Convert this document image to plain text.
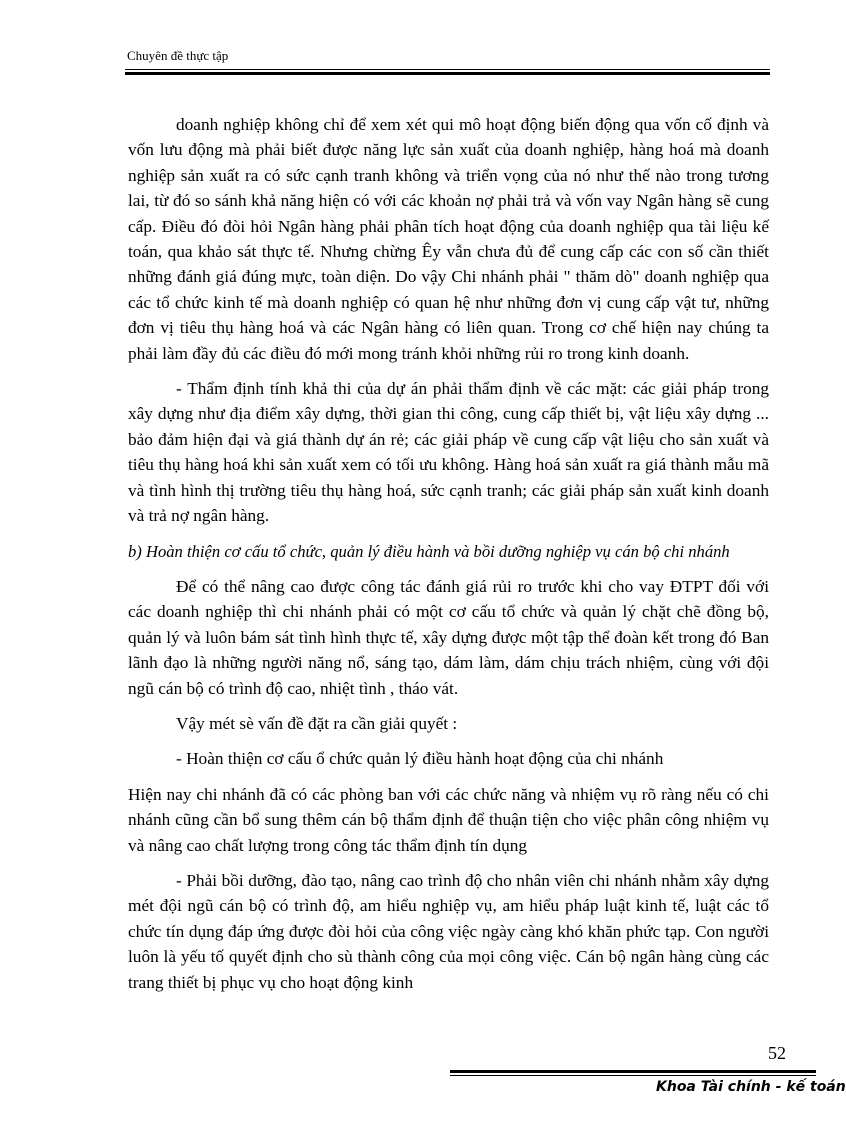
Chuyên đề thực tập

doanh nghiệp không chỉ để xem xét qui mô hoạt động biến động qua vốn cố định và vốn lưu động mà phải biết được năng lực sản xuất của doanh nghiệp, hàng hoá mà doanh nghiệp sản xuất ra có sức cạnh tranh không và triển vọng của nó như thế nào trong tương lai, từ đó so sánh khả năng hiện có với các khoản nợ phải trả và vốn vay Ngân hàng sẽ cung cấp. Điều đó đòi hỏi Ngân hàng phải phân tích hoạt động của doanh nghiệp qua tài liệu kế toán, qua khảo sát thực tế. Nhưng chừng Êy vẫn chưa đủ để cung cấp các con số cần thiết những đánh giá đúng mực, toàn diện. Do vậy Chi nhánh phải " thăm dò" doanh nghiệp qua các tổ chức kinh tế mà doanh nghiệp có quan hệ như những đơn vị cung cấp vật tư, những đơn vị tiêu thụ hàng hoá và các Ngân hàng có liên quan. Trong cơ chế hiện nay chúng ta phải làm đầy đủ các điều đó mới mong tránh khỏi những rủi ro trong kinh doanh.

- Thẩm định tính khả thi của dự án phải thẩm định về các mặt: các giải pháp trong xây dựng như địa điểm xây dựng, thời gian thi công, cung cấp thiết bị, vật liệu xây dựng ... bảo đảm hiện đại và giá thành dự án rẻ; các giải pháp về cung cấp vật liệu cho sản xuất và tiêu thụ hàng hoá khi sản xuất xem có tối ưu không. Hàng hoá sản xuất ra giá thành mẫu mã và tình hình thị trường tiêu thụ hàng hoá, sức cạnh tranh; các giải pháp sản xuất kinh doanh và trả nợ ngân hàng.

b) Hoàn thiện cơ cấu tổ chức, quản lý điều hành và bồi dưỡng nghiệp vụ cán bộ chi nhánh

Để có thể nâng cao được công tác đánh giá rủi ro trước khi cho vay ĐTPT đối với các doanh nghiệp thì chi nhánh phải có một cơ cấu tổ chức và quản lý chặt chẽ đồng bộ, quản lý và luôn bám sát tình hình thực tế, xây dựng được một tập thể đoàn kết trong đó Ban lãnh đạo là những người năng nổ, sáng tạo, dám làm, dám chịu trách nhiệm, cùng với đội ngũ cán bộ có trình độ cao, nhiệt tình , tháo vát.

Vậy mét sè vấn đề đặt ra cần giải quyết :

- Hoàn thiện cơ cấu ổ chức quản lý điều hành hoạt động của chi nhánh

Hiện nay chi nhánh đã có các phòng ban với các chức năng và nhiệm vụ rõ ràng nếu có chi nhánh cũng cần bổ sung thêm cán bộ thẩm định để thuận tiện cho việc phân công nhiệm vụ và nâng cao chất lượng trong công tác thẩm định tín dụng

- Phải bồi dưỡng, đào tạo, nâng cao trình độ cho nhân viên chi nhánh nhằm xây dựng mét đội ngũ cán bộ có trình độ, am hiểu nghiệp vụ, am hiểu pháp luật kinh tế, luật các tổ chức tín dụng đáp ứng được đòi hỏi của công việc ngày càng khó khăn phức tạp. Con người luôn là yếu tố quyết định cho sù thành công của mọi công việc. Cán bộ ngân hàng cùng các trang thiết bị phục vụ cho hoạt động kinh

52
Khoa Tài chính - kế toán
